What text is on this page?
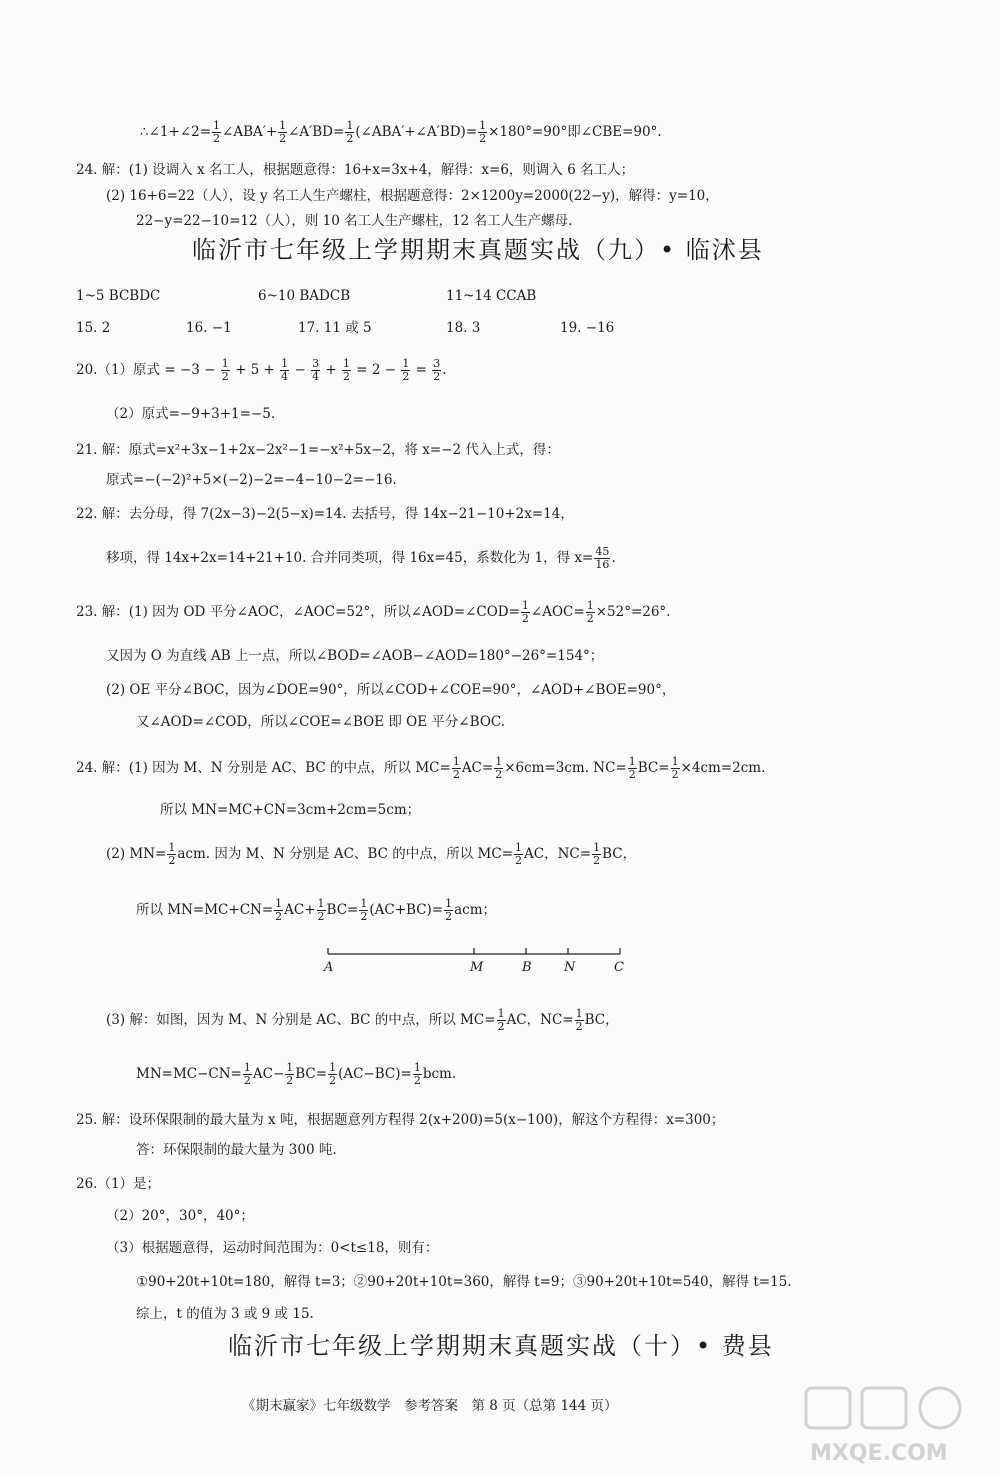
∴∠1+∠2= $\frac{1}{2}$ ∠ABA′+ $\frac{1}{2}$ ∠A′BD= $\frac{1}{2}$ (∠ABA′+∠A′BD)= $\frac{1}{2} \times 180^\circ=90^\circ$即∠CBE=90°.
24. 解：(1) 设调入 x 名工人，根据题意得：16+x=3x+4，解得：x=6，则调入 6 名工人；
(2) 16+6=22（人），设 y 名工人生产螺柱，根据题意得：2×1200y=2000(22−y)，解得：y=10，
22−y=22−10=12（人），则 10 名工人生产螺柱，12 名工人生产螺母.
临沂市七年级上学期期末真题实战（九）• 临沭县
1~5 BCBDC	6~10 BADCB	11~14 CCAB
15. 2	16. −1	17. 11 或 5	18. 3	19. −16
20.（1）原式 = $-3 - \frac{1}{2} + 5 + \frac{1}{4} - \frac{3}{4} + \frac{1}{2} = 2 - \frac{1}{2} = \frac{3}{2}$ .
（2）原式=−9+3+1=−5.
21. 解：原式=x²+3x−1+2x−2x²−1=−x²+5x−2，将 x=−2 代入上式，得：
原式=−(−2)²+5×(−2)−2=−4−10−2=−16.
22. 解：去分母，得 7(2x−3)−2(5−x)=14. 去括号，得 14x−21−10+2x=14，
移项，得 14x+2x=14+21+10. 合并同类项，得 16x=45，系数化为 1，得 $x= \frac{45}{16}$ .
23. 解：(1) 因为 OD 平分∠AOC，∠AOC=52°，所以∠AOD=∠COD= $\frac{1}{2}$ ∠AOC= $\frac{1}{2} \times 52^\circ=26^\circ$.
又因为 O 为直线 AB 上一点，所以∠BOD=∠AOB−∠AOD=180°−26°=154°；
(2) OE 平分∠BOC，因为∠DOE=90°，所以∠COD+∠COE=90°，∠AOD+∠BOE=90°，
又∠AOD=∠COD，所以∠COE=∠BOE 即 OE 平分∠BOC.
24. 解：(1) 因为 M、N 分别是 AC、BC 的中点，所以 $MC= \frac{1}{2} AC= \frac{1}{2} \times 6cm=3cm$. $NC= \frac{1}{2} BC= \frac{1}{2} \times 4cm=2cm$.
所以 MN=MC+CN=3cm+2cm=5cm；
(2) $MN= \frac{1}{2}$ acm. 因为 M、N 分别是 AC、BC 的中点，所以 $MC= \frac{1}{2}$ AC，$NC= \frac{1}{2}$ BC，
所以 $MN=MC+CN= \frac{1}{2} AC+ \frac{1}{2} BC= \frac{1}{2} (AC+BC)= \frac{1}{2}$ acm；
A	M	B N	C
(3) 解：如图，因为 M、N 分别是 AC、BC 的中点，所以 $MC= \frac{1}{2}$ AC，$NC= \frac{1}{2}$ BC，
$MN=MC-CN= \frac{1}{2} AC- \frac{1}{2} BC= \frac{1}{2} (AC-BC)= \frac{1}{2}$ bcm.
25. 解：设环保限制的最大量为 x 吨，根据题意列方程得 2(x+200)=5(x−100)，解这个方程得：x=300；
答：环保限制的最大量为 300 吨.
26.（1）是；
（2）20°，30°，40°；
（3）根据题意得，运动时间范围为：0<t≤18，则有：
①90+20t+10t=180，解得 t=3；②90+20t+10t=360，解得 t=9；③90+20t+10t=540，解得 t=15.
综上，t 的值为 3 或 9 或 15.
临沂市七年级上学期期末真题实战（十）• 费县
《期末赢家》七年级数学　参考答案　第 8 页（总第 144 页）
MXQE.COM
